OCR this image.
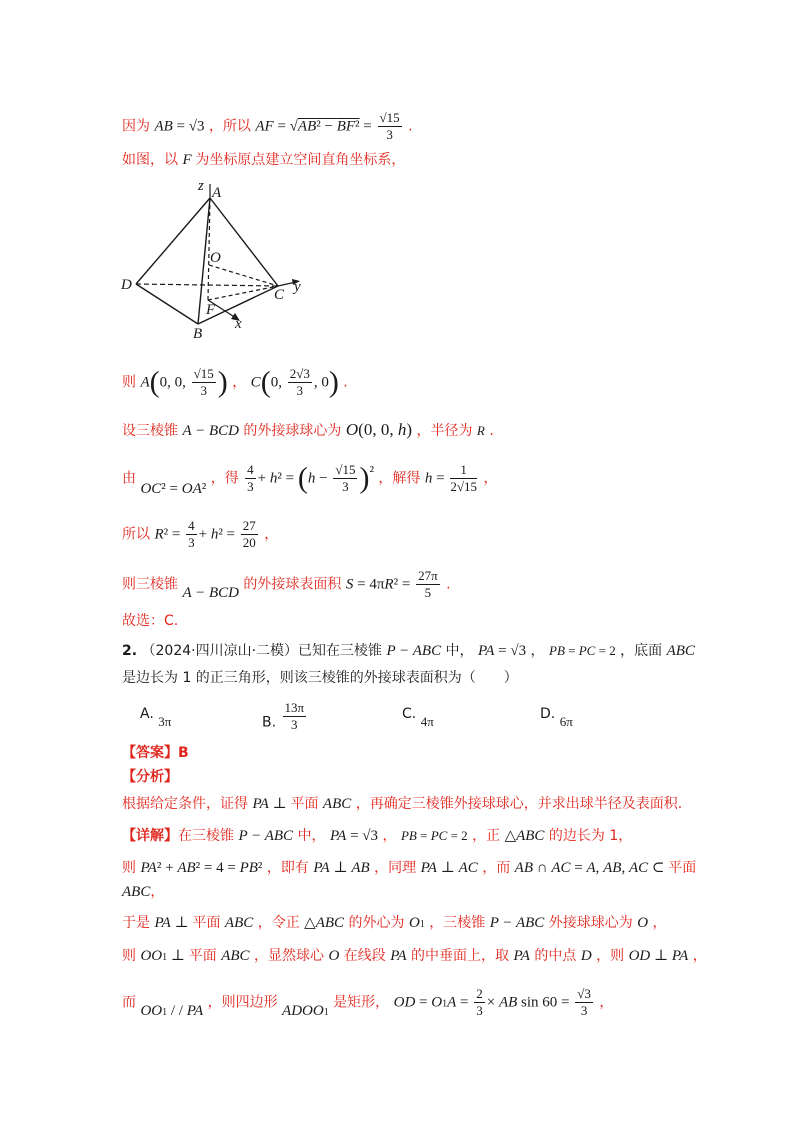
因为 AB = √3 ，所以 AF = $√AB^2 - BF^2 = \frac{√15}{3}$ .
如图，以 F 为坐标原点建立空间直角坐标系，
z A
O
D
C y
F
B
x
则 A(0, 0, $\frac{√15}{3}$ ) ， C(0, $\frac{2√3}{3}$ , 0) .
设三棱锥 A − BCD 的外接球球心为 O(0, 0, h) ，半径为 R .
由 OC² = OA² ，得 $\frac{4}{3} + h^2 = (h - \frac{√15}{3} )^2$ ，解得 $h = \frac{1}{2√15}$ ，
所以 $R^2 = \frac{4}{3} + h^2 = \frac{27}{20}$ ，
则三棱锥 A − BCD 的外接球表面积 $S = 4\pi R^2 = \frac{27\pi}{5}$ .
故选：C.
2. （2024·四川凉山·二模）已知在三棱锥 P − ABC 中， PA = √3 ， PB = PC = 2 ，底面 ABC
是边长为 1 的正三角形，则该三棱锥的外接球表面积为（　　）
A. 3π	B. $\frac{13\pi}{3}$	C. 4π	D. 6π
【答案】B
【分析】
根据给定条件，证得 PA ⊥ 平面 ABC ，再确定三棱锥外接球球心，并求出球半径及表面积.
【详解】在三棱锥 P − ABC 中， PA = √3 ， PB = PC = 2 ，正 △ABC 的边长为 1，
则 PA² + AB² = 4 = PB² ，即有 PA ⊥ AB ，同理 PA ⊥ AC ，而 AB ∩ AC = A, AB, AC ⊂ 平面
ABC，
于是 PA ⊥ 平面 ABC ，令正 △ABC 的外心为 O1 ，三棱锥 P − ABC 外接球球心为 O ，
则 OO1 ⊥ 平面 ABC ，显然球心 O 在线段 PA 的中垂面上，取 PA 的中点 D ，则 OD ⊥ PA ，
而 $OO_1$ / / PA ，则四边形 $ADOO_1$ 是矩形， OD = $O1A = \frac{2}{3}$ × AB $\sin 60 = \frac{√3}{3}$ ，
